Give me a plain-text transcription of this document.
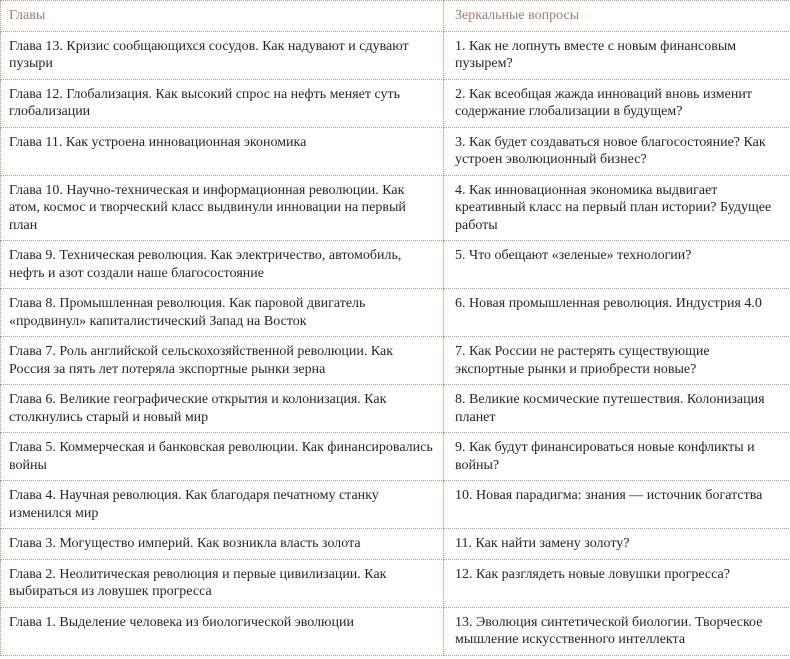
Главы	Зеркальные вопросы
Глава 13. Кризис сообщающихся сосудов. Как надувают и сдувают пузыри	1. Как не лопнуть вместе с новым финансовым пузырем?
Глава 12. Глобализация. Как высокий спрос на нефть меняет суть глобализации	2. Как всеобщая жажда инноваций вновь изменит содержание глобализации в будущем?
Глава 11. Как устроена инновационная экономика	3. Как будет создаваться новое благосостояние? Как устроен эволюционный бизнес?
Глава 10. Научно-техническая и информационная революции. Как атом, космос и творческий класс выдвинули инновации на первый план	4. Как инновационная экономика выдвигает креативный класс на первый план истории? Будущее работы
Глава 9. Техническая революция. Как электричество, автомобиль, нефть и азот создали наше благосостояние	5. Что обещают «зеленые» технологии?
Глава 8. Промышленная революция. Как паровой двигатель «продвинул» капиталистический Запад на Восток	6. Новая промышленная революция. Индустрия 4.0
Глава 7. Роль английской сельскохозяйственной революции. Как Россия за пять лет потеряла экспортные рынки зерна	7. Как России не растерять существующие экспортные рынки и приобрести новые?
Глава 6. Великие географические открытия и колонизация. Как столкнулись старый и новый мир	8. Великие космические путешествия. Колонизация планет
Глава 5. Коммерческая и банковская революции. Как финансировались войны	9. Как будут финансироваться новые конфликты и войны?
Глава 4. Научная революция. Как благодаря печатному станку изменился мир	10. Новая парадигма: знания — источник богатства
Глава 3. Могущество империй. Как возникла власть золота	11. Как найти замену золоту?
Глава 2. Неолитическая революция и первые цивилизации. Как выбираться из ловушек прогресса	12. Как разглядеть новые ловушки прогресса?
Глава 1. Выделение человека из биологической эволюции	13. Эволюция синтетической биологии. Творческое мышление искусственного интеллекта
